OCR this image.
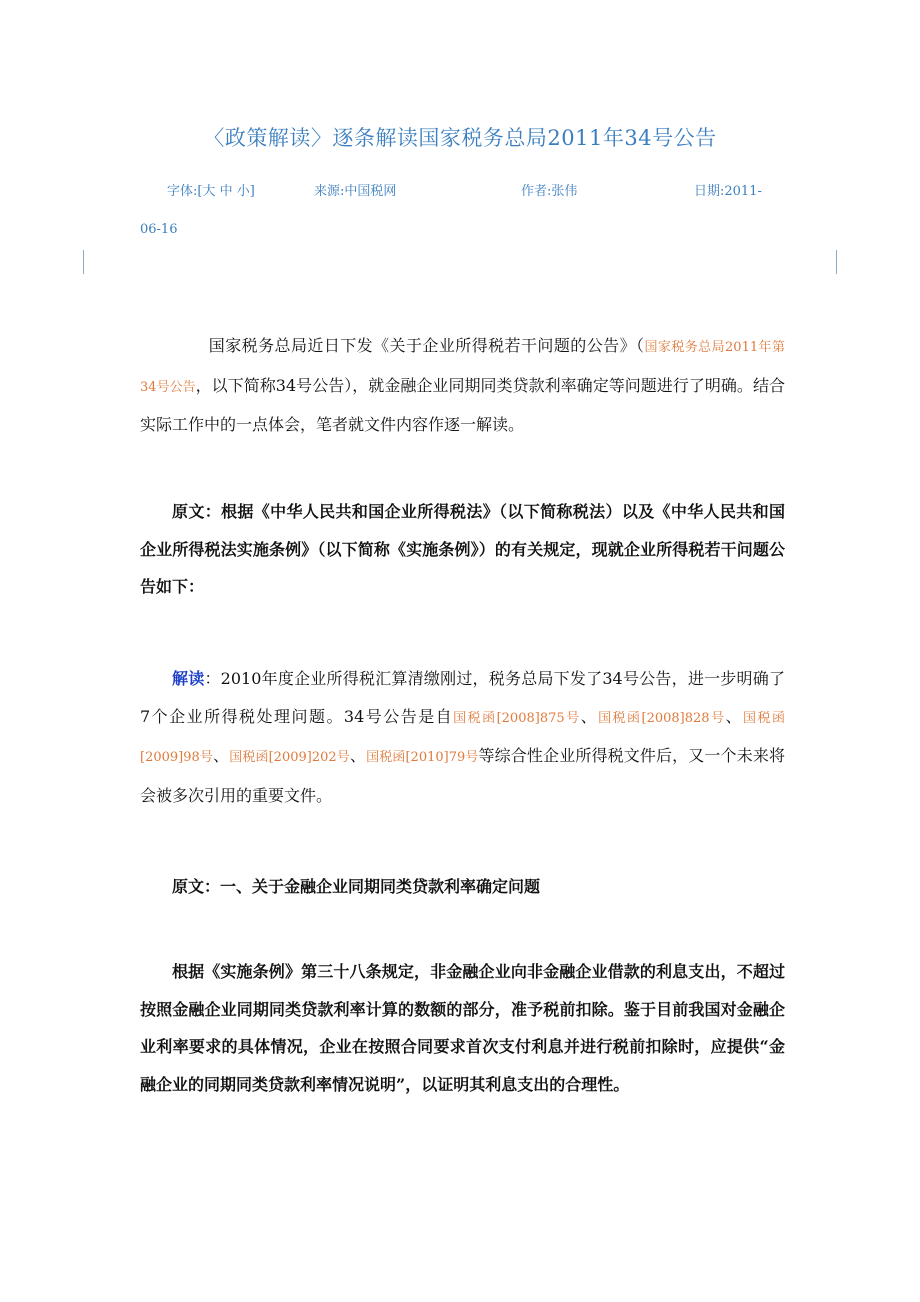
〈政策解读〉逐条解读国家税务总局2011年34号公告
字体:[大 中 小]	来源:中国税网	作者:张伟	日期:2011-
06-16
国家税务总局近日下发《关于企业所得税若干问题的公告》（国家税务总局2011年第34号公告，以下简称34号公告），就金融企业同期同类贷款利率确定等问题进行了明确。结合实际工作中的一点体会，笔者就文件内容作逐一解读。
原文：根据《中华人民共和国企业所得税法》（以下简称税法）以及《中华人民共和国企业所得税法实施条例》（以下简称《实施条例》）的有关规定，现就企业所得税若干问题公告如下：
解读：2010年度企业所得税汇算清缴刚过，税务总局下发了34号公告，进一步明确了7个企业所得税处理问题。34号公告是自国税函[2008]875号、国税函[2008]828号、国税函[2009]98号、国税函[2009]202号、国税函[2010]79号等综合性企业所得税文件后，又一个未来将会被多次引用的重要文件。
原文：一、关于金融企业同期同类贷款利率确定问题
根据《实施条例》第三十八条规定，非金融企业向非金融企业借款的利息支出，不超过按照金融企业同期同类贷款利率计算的数额的部分，准予税前扣除。鉴于目前我国对金融企业利率要求的具体情况，企业在按照合同要求首次支付利息并进行税前扣除时，应提供“金融企业的同期同类贷款利率情况说明”，以证明其利息支出的合理性。
